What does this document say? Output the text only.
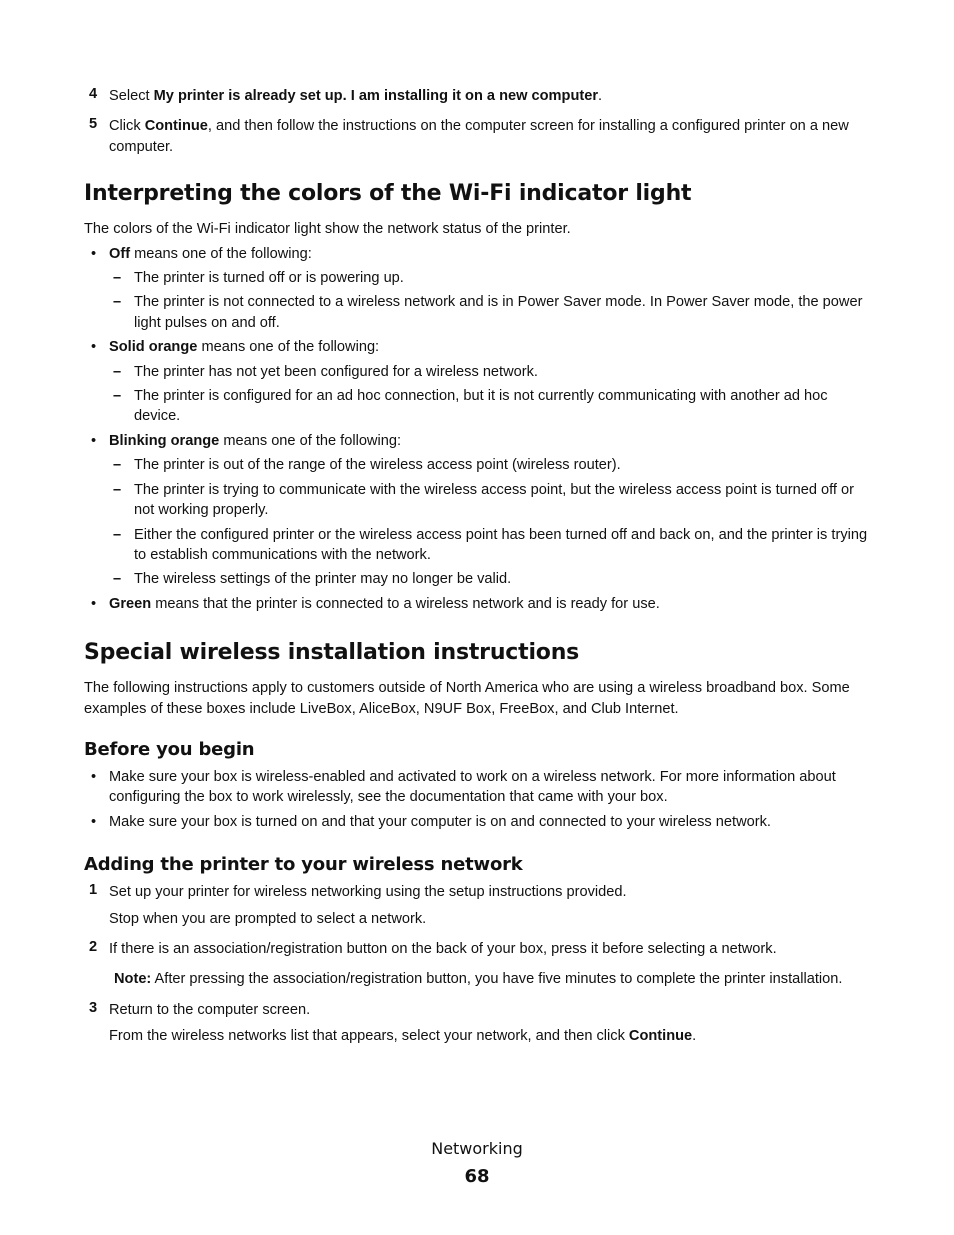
4 Select My printer is already set up. I am installing it on a new computer.

5 Click Continue, and then follow the instructions on the computer screen for installing a configured printer on a new computer.

Interpreting the colors of the Wi-Fi indicator light

The colors of the Wi-Fi indicator light show the network status of the printer.

• Off means one of the following:
– The printer is turned off or is powering up.
– The printer is not connected to a wireless network and is in Power Saver mode. In Power Saver mode, the power light pulses on and off.
• Solid orange means one of the following:
– The printer has not yet been configured for a wireless network.
– The printer is configured for an ad hoc connection, but it is not currently communicating with another ad hoc device.
• Blinking orange means one of the following:
– The printer is out of the range of the wireless access point (wireless router).
– The printer is trying to communicate with the wireless access point, but the wireless access point is turned off or not working properly.
– Either the configured printer or the wireless access point has been turned off and back on, and the printer is trying to establish communications with the network.
– The wireless settings of the printer may no longer be valid.
• Green means that the printer is connected to a wireless network and is ready for use.
Special wireless installation instructions

The following instructions apply to customers outside of North America who are using a wireless broadband box. Some examples of these boxes include LiveBox, AliceBox, N9UF Box, FreeBox, and Club Internet.

Before you begin
• Make sure your box is wireless-enabled and activated to work on a wireless network. For more information about configuring the box to work wirelessly, see the documentation that came with your box.
• Make sure your box is turned on and that your computer is on and connected to your wireless network.
Adding the printer to your wireless network
1 Set up your printer for wireless networking using the setup instructions provided.

Stop when you are prompted to select a network.

2 If there is an association/registration button on the back of your box, press it before selecting a network.

Note: After pressing the association/registration button, you have five minutes to complete the printer installation.

3 Return to the computer screen.

From the wireless networks list that appears, select your network, and then click Continue.

Networking
68
